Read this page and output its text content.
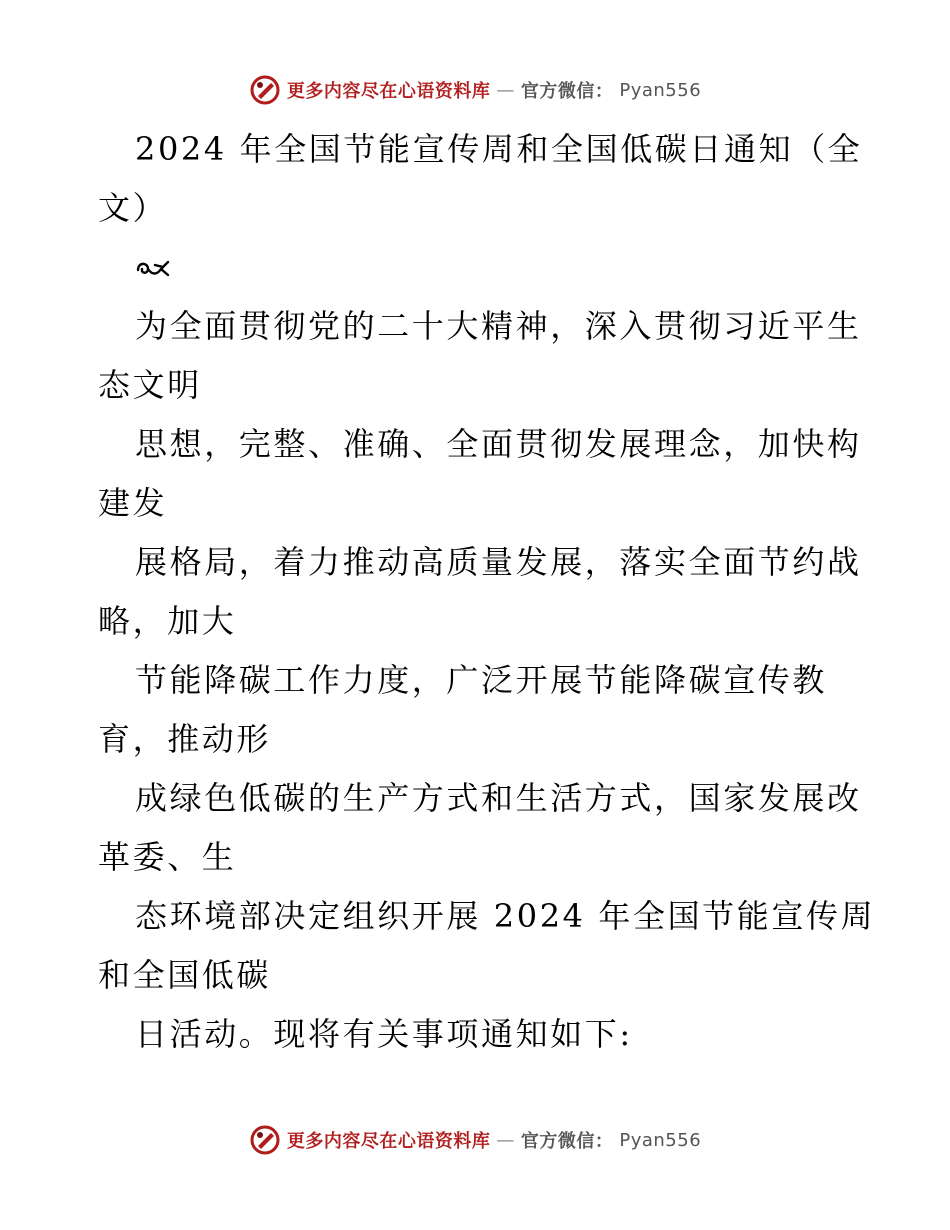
更多内容尽在心语资料库 — 官方微信： Pyan556
2024 年全国节能宣传周和全国低碳日通知（全
文）
为全面贯彻党的二十大精神，深入贯彻习近平生
态文明
思想，完整、准确、全面贯彻发展理念，加快构
建发
展格局，着力推动高质量发展，落实全面节约战
略，加大
节能降碳工作力度，广泛开展节能降碳宣传教
育，推动形
成绿色低碳的生产方式和生活方式，国家发展改
革委、生
态环境部决定组织开展 2024 年全国节能宣传周
和全国低碳
日活动。现将有关事项通知如下:
更多内容尽在心语资料库 — 官方微信： Pyan556
